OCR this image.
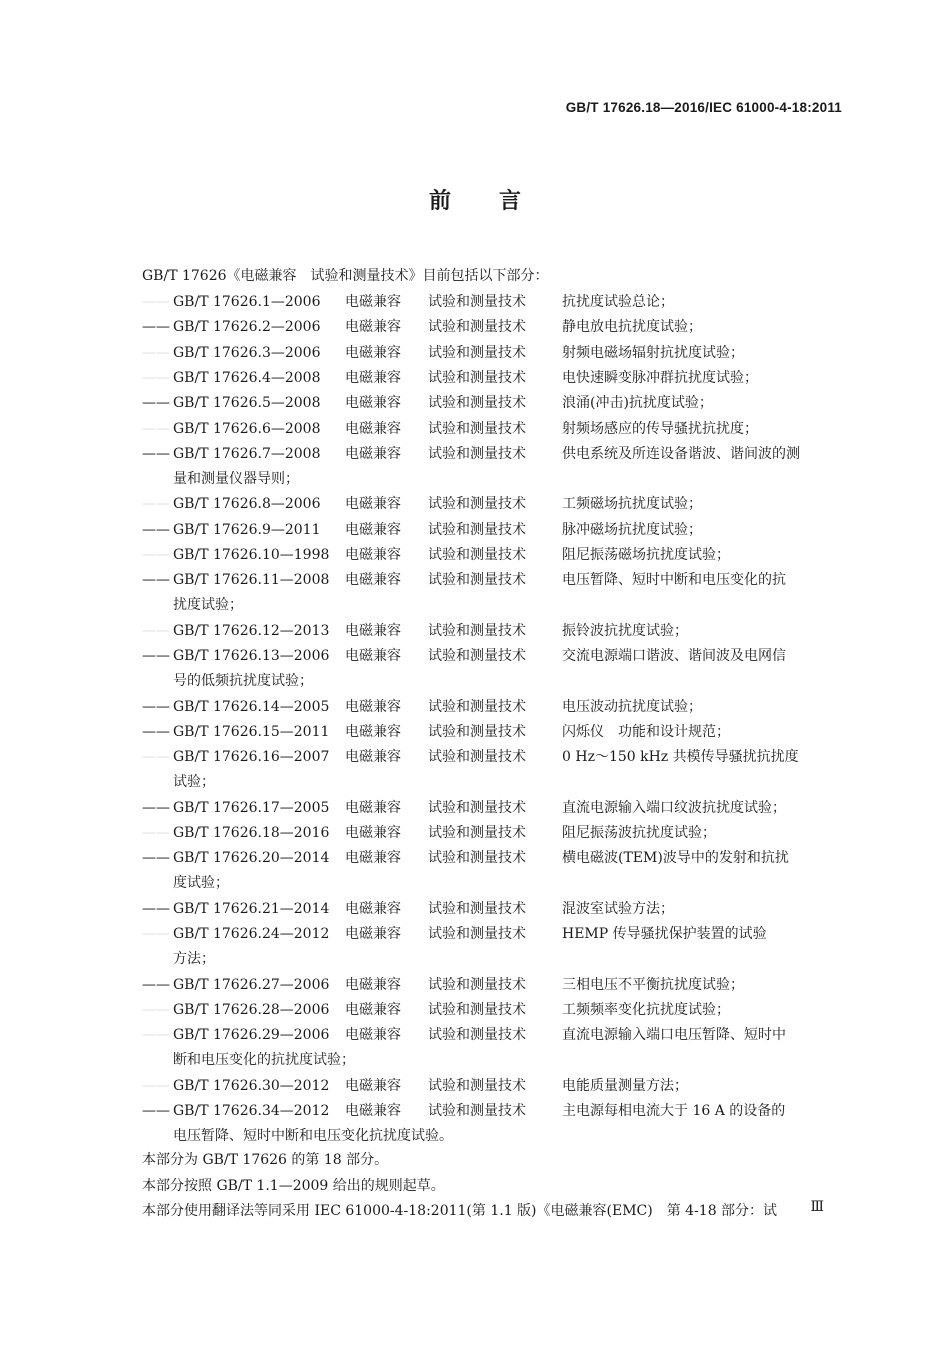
GB/T 17626.18—2016/IEC 61000-4-18:2011
前 言
GB/T 17626《电磁兼容　试验和测量技术》目前包括以下部分：
—— GB/T 17626.1—2006	电磁兼容	试验和测量技术	抗扰度试验总论；
—— GB/T 17626.2—2006	电磁兼容	试验和测量技术	静电放电抗扰度试验；
—— GB/T 17626.3—2006	电磁兼容	试验和测量技术	射频电磁场辐射抗扰度试验；
—— GB/T 17626.4—2008	电磁兼容	试验和测量技术	电快速瞬变脉冲群抗扰度试验；
—— GB/T 17626.5—2008	电磁兼容	试验和测量技术	浪涌(冲击)抗扰度试验；
—— GB/T 17626.6—2008	电磁兼容	试验和测量技术	射频场感应的传导骚扰抗扰度；
—— GB/T 17626.7—2008	电磁兼容	试验和测量技术	供电系统及所连设备谐波、谐间波的测
量和测量仪器导则；
—— GB/T 17626.8—2006	电磁兼容	试验和测量技术	工频磁场抗扰度试验；
—— GB/T 17626.9—2011	电磁兼容	试验和测量技术	脉冲磁场抗扰度试验；
—— GB/T 17626.10—1998	电磁兼容	试验和测量技术	阻尼振荡磁场抗扰度试验；
—— GB/T 17626.11—2008	电磁兼容	试验和测量技术	电压暂降、短时中断和电压变化的抗
扰度试验；
—— GB/T 17626.12—2013	电磁兼容	试验和测量技术	振铃波抗扰度试验；
—— GB/T 17626.13—2006	电磁兼容	试验和测量技术	交流电源端口谐波、谐间波及电网信
号的低频抗扰度试验；
—— GB/T 17626.14—2005	电磁兼容	试验和测量技术	电压波动抗扰度试验；
—— GB/T 17626.15—2011	电磁兼容	试验和测量技术	闪烁仪　功能和设计规范；
—— GB/T 17626.16—2007	电磁兼容	试验和测量技术	0 Hz～150 kHz 共模传导骚扰抗扰度
试验；
—— GB/T 17626.17—2005	电磁兼容	试验和测量技术	直流电源输入端口纹波抗扰度试验；
—— GB/T 17626.18—2016	电磁兼容	试验和测量技术	阻尼振荡波抗扰度试验；
—— GB/T 17626.20—2014	电磁兼容	试验和测量技术	横电磁波(TEM)波导中的发射和抗扰
度试验；
—— GB/T 17626.21—2014	电磁兼容	试验和测量技术	混波室试验方法；
—— GB/T 17626.24—2012	电磁兼容	试验和测量技术	HEMP 传导骚扰保护装置的试验
方法；
—— GB/T 17626.27—2006	电磁兼容	试验和测量技术	三相电压不平衡抗扰度试验；
—— GB/T 17626.28—2006	电磁兼容	试验和测量技术	工频频率变化抗扰度试验；
—— GB/T 17626.29—2006	电磁兼容	试验和测量技术	直流电源输入端口电压暂降、短时中
断和电压变化的抗扰度试验；
—— GB/T 17626.30—2012	电磁兼容	试验和测量技术	电能质量测量方法；
—— GB/T 17626.34—2012	电磁兼容	试验和测量技术	主电源每相电流大于 16 A 的设备的
电压暂降、短时中断和电压变化抗扰度试验。
本部分为 GB/T 17626 的第 18 部分。
本部分按照 GB/T 1.1—2009 给出的规则起草。
本部分使用翻译法等同采用 IEC 61000-4-18:2011(第 1.1 版)《电磁兼容(EMC)　第 4-18 部分：试 Ⅲ
